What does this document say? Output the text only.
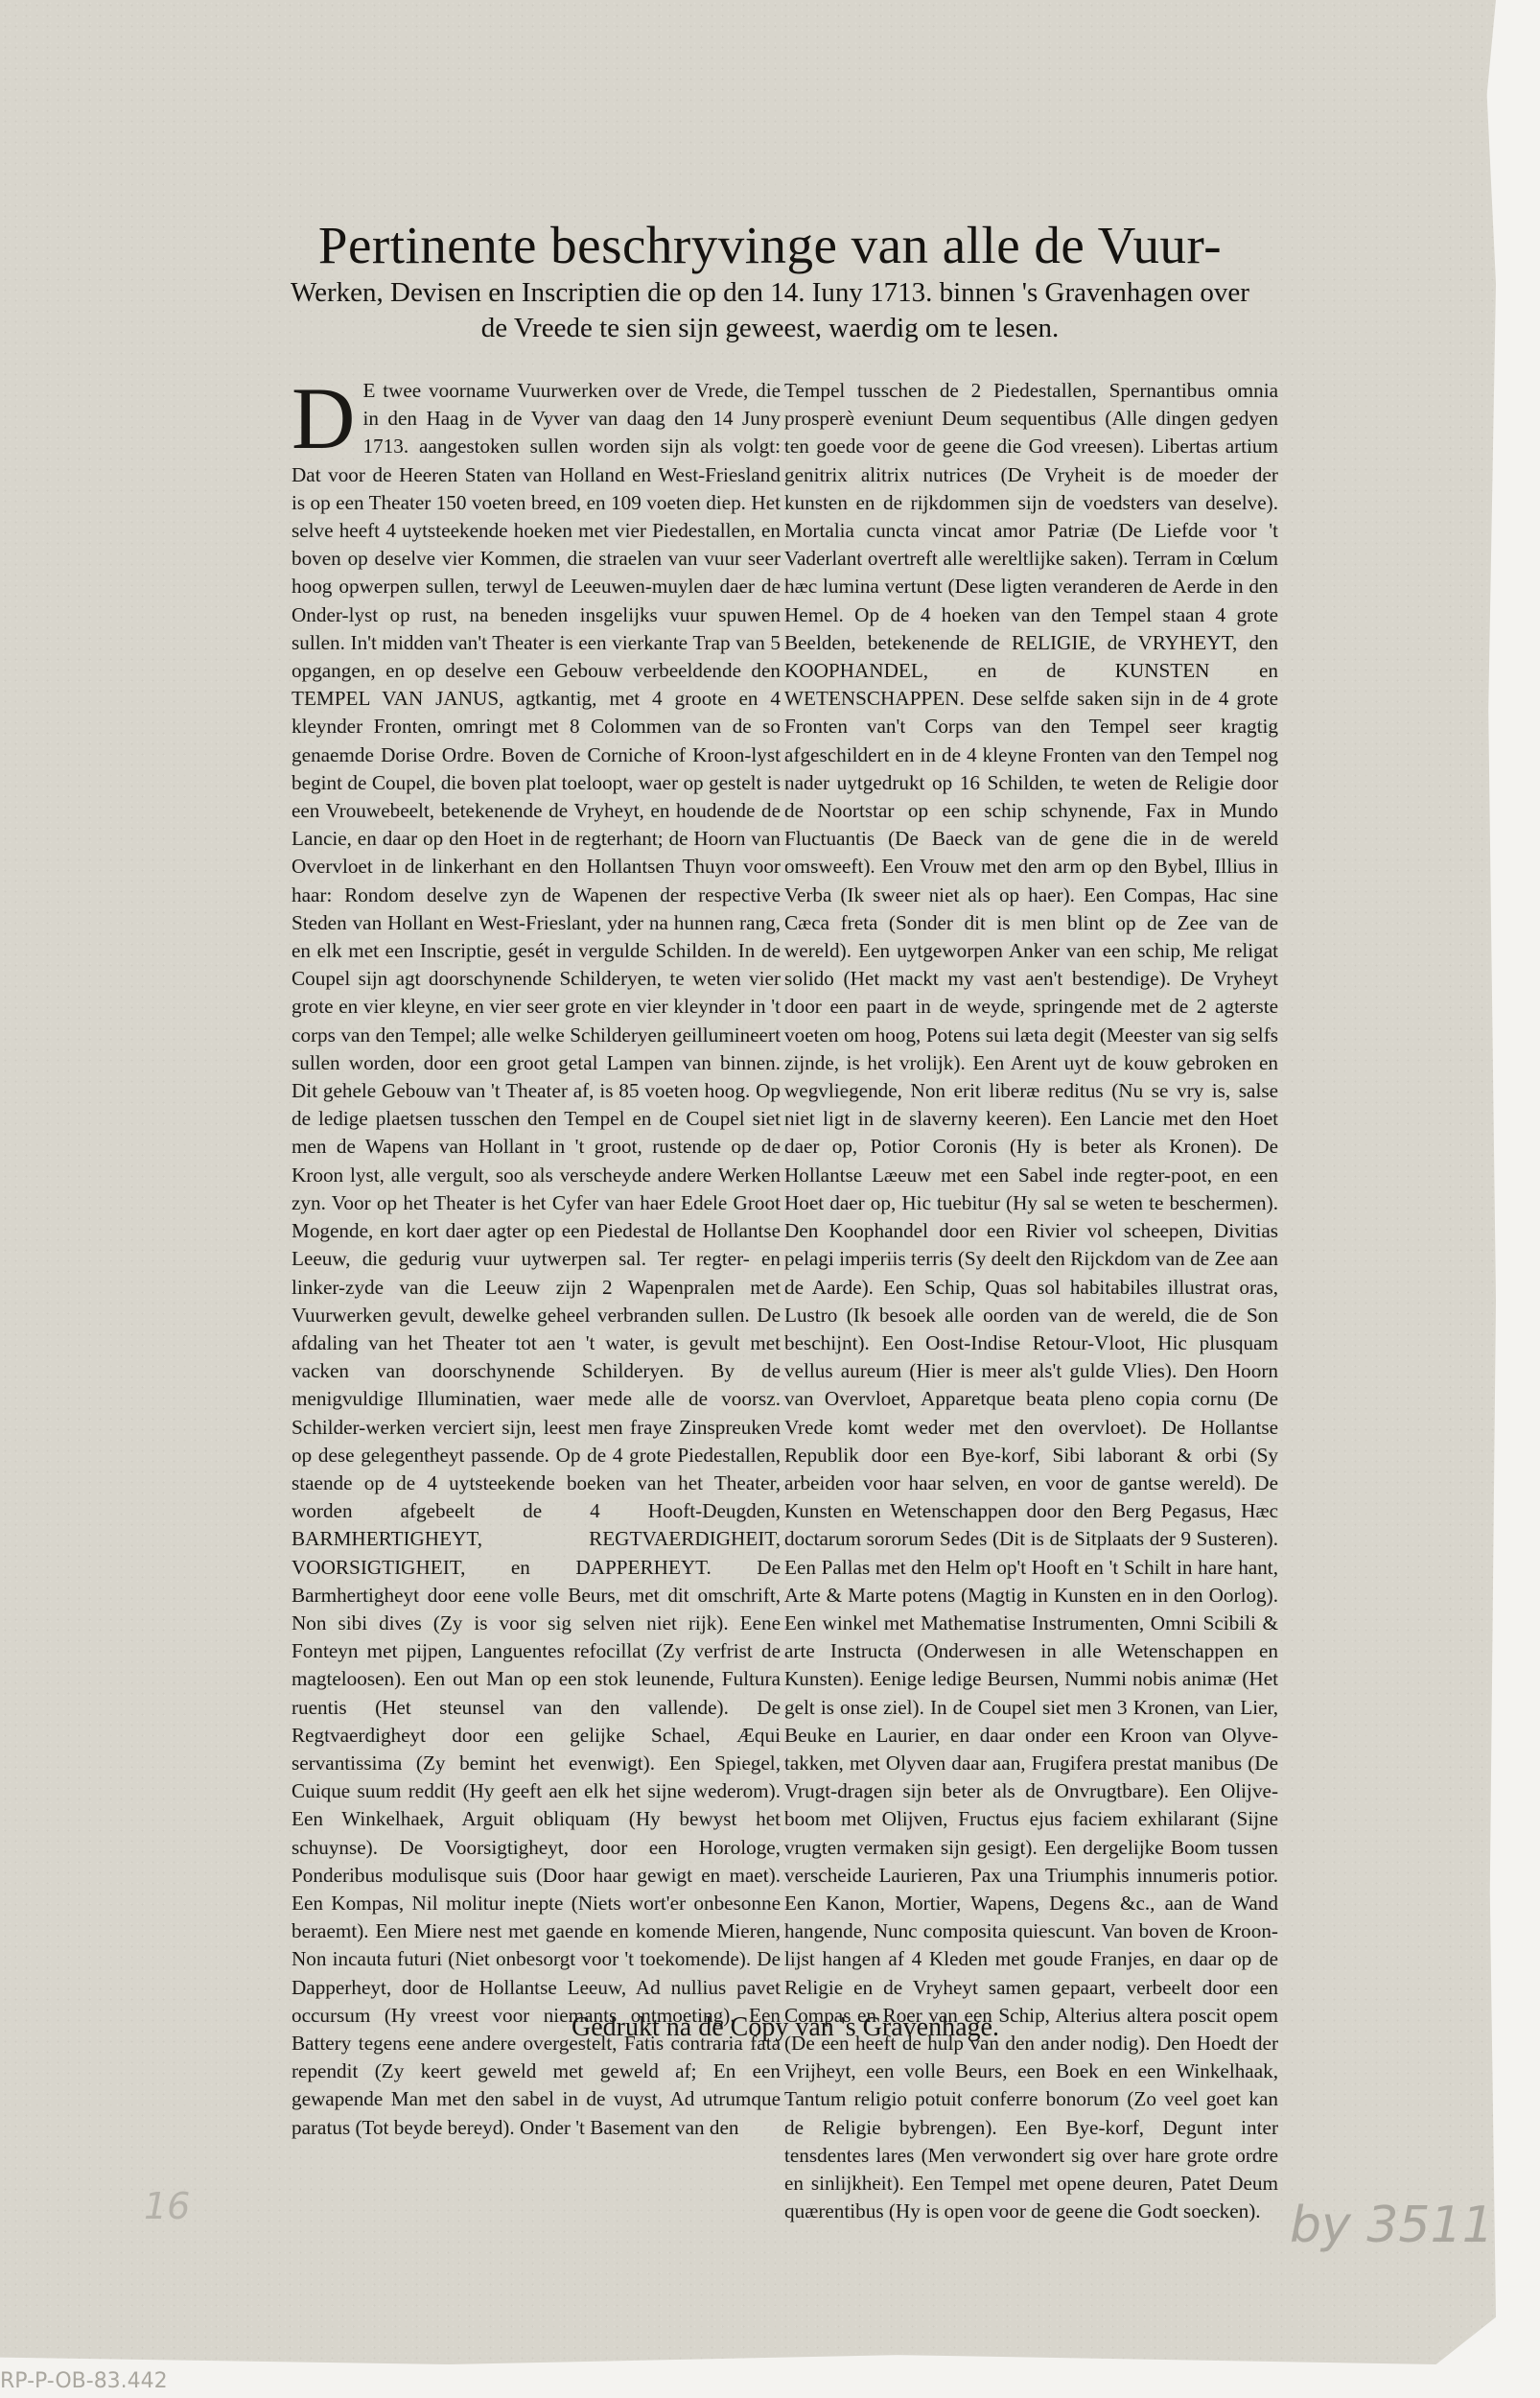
Pertinente beschryvinge van alle de Vuur-
Werken, Devisen en Inscriptien die op den 14. Iuny 1713. binnen 's Gravenhagen over de Vreede te sien sijn geweest, waerdig om te lesen.
D E twee voorname Vuurwerken over de Vrede, die in den Haag in de Vyver van daag den 14 Juny 1713. aangestoken sullen worden sijn als volgt: Dat voor de Heeren Staten van Holland en West-Friesland is op een Theater 150 voeten breed, en 109 voeten diep. Het selve heeft 4 uytsteekende hoeken met vier Piedestallen, en boven op deselve vier Kommen, die straelen van vuur seer hoog opwerpen sullen, terwyl de Leeuwen-muylen daer de Onder-lyst op rust, na beneden insgelijks vuur spuwen sullen. In't midden van't Theater is een vierkante Trap van 5 opgangen, en op deselve een Gebouw verbeeldende den TEMPEL VAN JANUS, agtkantig, met 4 groote en 4 kleynder Fronten, omringt met 8 Colommen van de so genaemde Dorise Ordre. Boven de Corniche of Kroon-lyst begint de Coupel, die boven plat toeloopt, waer op gestelt is een Vrouwebeelt, betekenende de Vryheyt, en houdende de Lancie, en daar op den Hoet in de regterhant; de Hoorn van Overvloet in de linkerhant en den Hollantsen Thuyn voor haar: Rondom deselve zyn de Wapenen der respective Steden van Hollant en West-Frieslant, yder na hunnen rang, en elk met een Inscriptie, gesét in vergulde Schilden. In de Coupel sijn agt doorschynende Schilderyen, te weten vier grote en vier kleyne, en vier seer grote en vier kleynder in 't corps van den Tempel; alle welke Schilderyen geillumineert sullen worden, door een groot getal Lampen van binnen. Dit gehele Gebouw van 't Theater af, is 85 voeten hoog. Op de ledige plaetsen tusschen den Tempel en de Coupel siet men de Wapens van Hollant in 't groot, rustende op de Kroon lyst, alle vergult, soo als verscheyde andere Werken zyn. Voor op het Theater is het Cyfer van haer Edele Groot Mogende, en kort daer agter op een Piedestal de Hollantse Leeuw, die gedurig vuur uytwerpen sal. Ter regter- en linker-zyde van die Leeuw zijn 2 Wapenpralen met Vuurwerken gevult, dewelke geheel verbranden sullen. De afdaling van het Theater tot aen 't water, is gevult met vacken van doorschynende Schilderyen. By de menigvuldige Illuminatien, waer mede alle de voorsz. Schilder-werken verciert sijn, leest men fraye Zinspreuken op dese gelegentheyt passende. Op de 4 grote Piedestallen, staende op de 4 uytsteekende boeken van het Theater, worden afgebeelt de 4 Hooft-Deugden, BARMHERTIGHEYT, REGTVAERDIGHEIT, VOORSIGTIGHEIT, en DAPPERHEYT. De Barmhertigheyt door eene volle Beurs, met dit omschrift, Non sibi dives (Zy is voor sig selven niet rijk). Eene Fonteyn met pijpen, Languentes refocillat (Zy verfrist de magteloosen). Een out Man op een stok leunende, Fultura ruentis (Het steunsel van den vallende). De Regtvaerdigheyt door een gelijke Schael, Æqui servantissima (Zy bemint het evenwigt). Een Spiegel, Cuique suum reddit (Hy geeft aen elk het sijne wederom). Een Winkelhaek, Arguit obliquam (Hy bewyst het schuynse). De Voorsigtigheyt, door een Horologe, Ponderibus modulisque suis (Door haar gewigt en maet). Een Kompas, Nil molitur inepte (Niets wort'er onbesonne beraemt). Een Miere nest met gaende en komende Mieren, Non incauta futuri (Niet onbesorgt voor 't toekomende). De Dapperheyt, door de Hollantse Leeuw, Ad nullius pavet occursum (Hy vreest voor niemants ontmoeting). Een Battery tegens eene andere overgestelt, Fatis contraria fata rependit (Zy keert geweld met geweld af; En een gewapende Man met den sabel in de vuyst, Ad utrumque paratus (Tot beyde bereyd). Onder 't Basement van den
Tempel tusschen de 2 Piedestallen, Spernantibus omnia prosperè eveniunt Deum sequentibus (Alle dingen gedyen ten goede voor de geene die God vreesen). Libertas artium genitrix alitrix nutrices (De Vryheit is de moeder der kunsten en de rijkdommen sijn de voedsters van deselve). Mortalia cuncta vincat amor Patriæ (De Liefde voor 't Vaderlant overtreft alle wereltlijke saken). Terram in Cœlum hæc lumina vertunt (Dese ligten veranderen de Aerde in den Hemel. Op de 4 hoeken van den Tempel staan 4 grote Beelden, betekenende de RELIGIE, de VRYHEYT, den KOOPHANDEL, en de KUNSTEN en WETENSCHAPPEN. Dese selfde saken sijn in de 4 grote Fronten van't Corps van den Tempel seer kragtig afgeschildert en in de 4 kleyne Fronten van den Tempel nog nader uytgedrukt op 16 Schilden, te weten de Religie door de Noortstar op een schip schynende, Fax in Mundo Fluctuantis (De Baeck van de gene die in de wereld omsweeft). Een Vrouw met den arm op den Bybel, Illius in Verba (Ik sweer niet als op haer). Een Compas, Hac sine Cæca freta (Sonder dit is men blint op de Zee van de wereld). Een uytgeworpen Anker van een schip, Me religat solido (Het mackt my vast aen't bestendige). De Vryheyt door een paart in de weyde, springende met de 2 agterste voeten om hoog, Potens sui læta degit (Meester van sig selfs zijnde, is het vrolijk). Een Arent uyt de kouw gebroken en wegvliegende, Non erit liberæ reditus (Nu se vry is, salse niet ligt in de slaverny keeren). Een Lancie met den Hoet daer op, Potior Coronis (Hy is beter als Kronen). De Hollantse Læeuw met een Sabel inde regter-poot, en een Hoet daer op, Hic tuebitur (Hy sal se weten te beschermen). Den Koophandel door een Rivier vol scheepen, Divitias pelagi imperiis terris (Sy deelt den Rijckdom van de Zee aan de Aarde). Een Schip, Quas sol habitabiles illustrat oras, Lustro (Ik besoek alle oorden van de wereld, die de Son beschijnt). Een Oost-Indise Retour-Vloot, Hic plusquam vellus aureum (Hier is meer als't gulde Vlies). Den Hoorn van Overvloet, Apparetque beata pleno copia cornu (De Vrede komt weder met den overvloet). De Hollantse Republik door een Bye-korf, Sibi laborant & orbi (Sy arbeiden voor haar selven, en voor de gantse wereld). De Kunsten en Wetenschappen door den Berg Pegasus, Hæc doctarum sororum Sedes (Dit is de Sitplaats der 9 Susteren). Een Pallas met den Helm op't Hooft en 't Schilt in hare hant, Arte & Marte potens (Magtig in Kunsten en in den Oorlog). Een winkel met Mathematise Instrumenten, Omni Scibili & arte Instructa (Onderwesen in alle Wetenschappen en Kunsten). Eenige ledige Beursen, Nummi nobis animæ (Het gelt is onse ziel). In de Coupel siet men 3 Kronen, van Lier, Beuke en Laurier, en daar onder een Kroon van Olyve-takken, met Olyven daar aan, Frugifera prestat manibus (De Vrugt-dragen sijn beter als de Onvrugtbare). Een Olijve-boom met Olijven, Fructus ejus faciem exhilarant (Sijne vrugten vermaken sijn gesigt). Een dergelijke Boom tussen verscheide Laurieren, Pax una Triumphis innumeris potior. Een Kanon, Mortier, Wapens, Degens &c., aan de Wand hangende, Nunc composita quiescunt. Van boven de Kroon-lijst hangen af 4 Kleden met goude Franjes, en daar op de Religie en de Vryheyt samen gepaart, verbeelt door een Compas en Roer van een Schip, Alterius altera poscit opem (De een heeft de hulp van den ander nodig). Den Hoedt der Vrijheyt, een volle Beurs, een Boek en een Winkelhaak, Tantum religio potuit conferre bonorum (Zo veel goet kan de Religie bybrengen). Een Bye-korf, Degunt inter tensdentes lares (Men verwondert sig over hare grote ordre en sinlijkheit). Een Tempel met opene deuren, Patet Deum quærentibus (Hy is open voor de geene die Godt soecken).
Gedrukt na de Copy van 's Gravenhage.
16	by 3511
RP-P-OB-83.442
